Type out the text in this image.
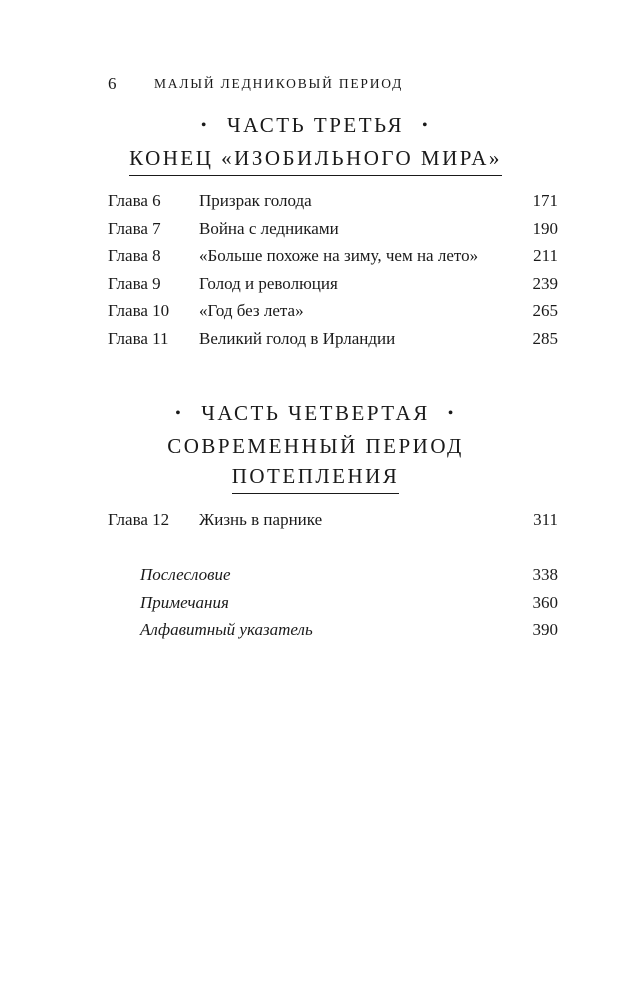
6	МАЛЫЙ ЛЕДНИКОВЫЙ ПЕРИОД
• ЧАСТЬ ТРЕТЬЯ •
КОНЕЦ «ИЗОБИЛЬНОГО МИРА»
Глава 6 Призрак голода	171
Глава 7 Война с ледниками	190
Глава 8 «Больше похоже на зиму, чем на лето»	211
Глава 9 Голод и революция	239
Глава 10 «Год без лета»	265
Глава 11 Великий голод в Ирландии	285
• ЧАСТЬ ЧЕТВЕРТАЯ •
СОВРЕМЕННЫЙ ПЕРИОД
ПОТЕПЛЕНИЯ
Глава 12 Жизнь в парнике	311
Послесловие	338
Примечания	360
Алфавитный указатель	390
